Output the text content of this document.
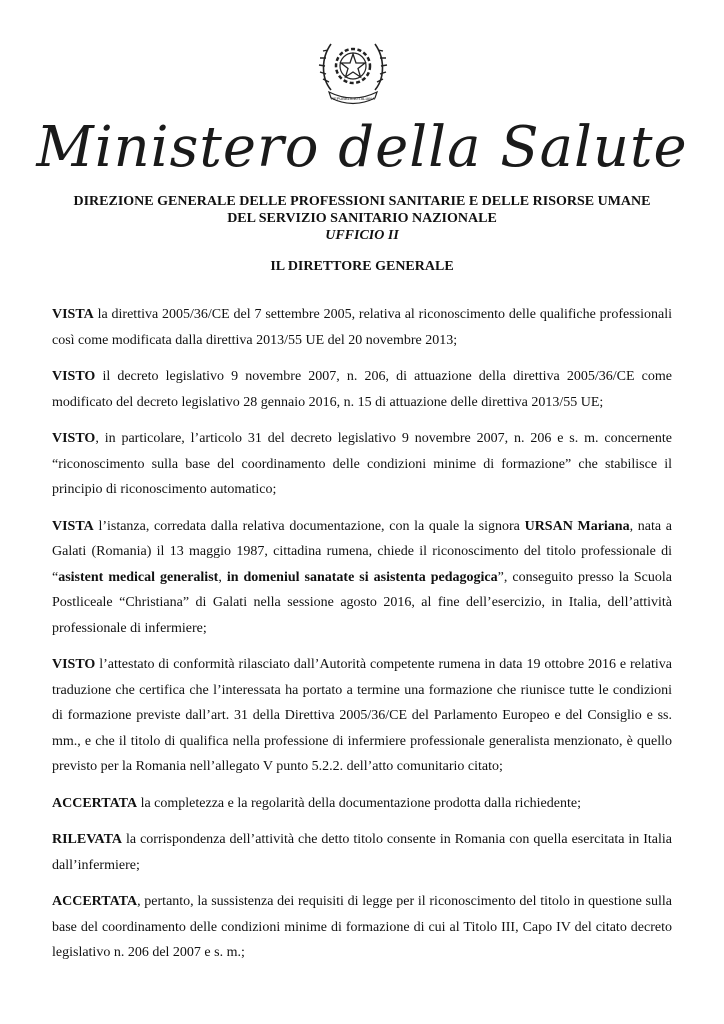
REPUBBLICA ITALIANA
Ministero della Salute
DIREZIONE GENERALE DELLE PROFESSIONI SANITARIE E DELLE RISORSE UMANE
DEL SERVIZIO SANITARIO NAZIONALE
UFFICIO II
IL DIRETTORE GENERALE

VISTA la direttiva 2005/36/CE del 7 settembre 2005, relativa al riconoscimento delle qualifiche professionali così come modificata dalla direttiva 2013/55 UE del 20 novembre 2013;

VISTO il decreto legislativo 9 novembre 2007, n. 206, di attuazione della direttiva 2005/36/CE come modificato del decreto legislativo 28 gennaio 2016, n. 15 di attuazione delle direttiva 2013/55 UE;

VISTO, in particolare, l’articolo 31 del decreto legislativo 9 novembre 2007, n. 206 e s. m. concernente “riconoscimento sulla base del coordinamento delle condizioni minime di formazione” che stabilisce il principio di riconoscimento automatico;

VISTA l’istanza, corredata dalla relativa documentazione, con la quale la signora URSAN Mariana, nata a Galati (Romania) il 13 maggio 1987, cittadina rumena, chiede il riconoscimento del titolo professionale di “asistent medical generalist, in domeniul sanatate si asistenta pedagogica”, conseguito presso la Scuola Postliceale “Christiana” di Galati nella sessione agosto 2016, al fine dell’esercizio, in Italia, dell’attività professionale di infermiere;

VISTO l’attestato di conformità rilasciato dall’Autorità competente rumena in data 19 ottobre 2016 e relativa traduzione che certifica che l’interessata ha portato a termine una formazione che riunisce tutte le condizioni di formazione previste dall’art. 31 della Direttiva 2005/36/CE del Parlamento Europeo e del Consiglio e ss. mm., e che il titolo di qualifica nella professione di infermiere professionale generalista menzionato, è quello previsto per la Romania nell’allegato V punto 5.2.2. dell’atto comunitario citato;

ACCERTATA la completezza e la regolarità della documentazione prodotta dalla richiedente;

RILEVATA la corrispondenza dell’attività che detto titolo consente in Romania con quella esercitata in Italia dall’infermiere;

ACCERTATA, pertanto, la sussistenza dei requisiti di legge per il riconoscimento del titolo in questione sulla base del coordinamento delle condizioni minime di formazione di cui al Titolo III, Capo IV del citato decreto legislativo n. 206 del 2007 e s. m.;
